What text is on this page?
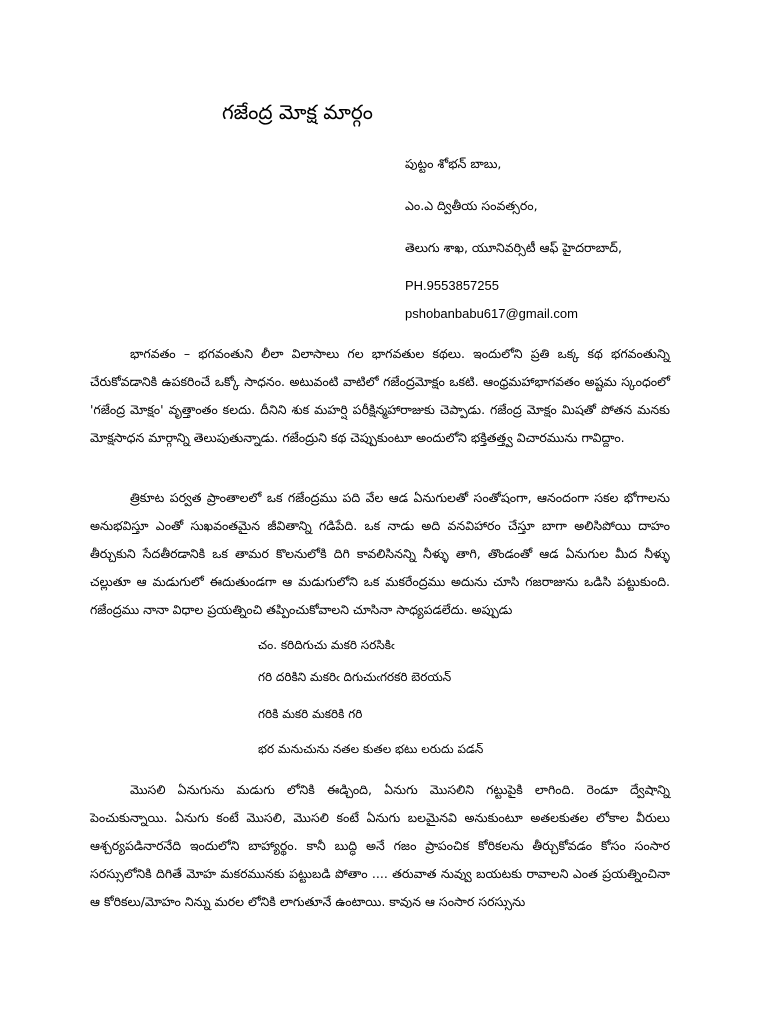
గజేంద్ర మోక్ష మార్గం
పుట్టం శోభన్ బాబు,
ఎం.ఎ ద్వితీయ సంవత్సరం,
తెలుగు శాఖ, యూనివర్సిటీ ఆఫ్ హైదరాబాద్,
PH.9553857255
pshobanbabu617@gmail.com

భాగవతం – భగవంతుని లీలా విలాసాలు గల భాగవతుల కథలు. ఇందులోని ప్రతి ఒక్క కథ భగవంతున్ని చేరుకోవడానికి ఉపకరించే ఒక్కో సాధనం. అటువంటి వాటిలో గజేంద్రమోక్షం ఒకటి. ఆంధ్రమహాభాగవతం అష్టమ స్కంధంలో 'గజేంద్ర మోక్షం' వృత్తాంతం కలదు. దీనిని శుక మహర్షి పరీక్షిన్మహారాజుకు చెప్పాడు. గజేంద్ర మోక్షం మిషతో పోతన మనకు మోక్షసాధన మార్గాన్ని తెలుపుతున్నాడు. గజేంద్రుని కథ చెప్పుకుంటూ అందులోని భక్తితత్త్వ విచారమును గావిద్దాం.

త్రికూట పర్వత ప్రాంతాలలో ఒక గజేంద్రము పది వేల ఆడ ఏనుగులతో సంతోషంగా, ఆనందంగా సకల భోగాలను అనుభవిస్తూ ఎంతో సుఖవంతమైన జీవితాన్ని గడిపేది. ఒక నాడు అది వనవిహారం చేస్తూ బాగా అలిసిపోయి దాహం తీర్చుకుని సేదతీరడానికి ఒక తామర కొలనులోకి దిగి కావలిసినన్ని నీళ్ళు తాగి, తొండంతో ఆడ ఏనుగుల మీద నీళ్ళు చల్లుతూ ఆ మడుగులో ఈదుతుండగా ఆ మడుగులోని ఒక మకరేంద్రము అదును చూసి గజరాజును ఒడిసి పట్టుకుంది. గజేంద్రము నానా విధాల ప్రయత్నించి తప్పించుకోవాలని చూసినా సాధ్యపడలేదు. అప్పుడు

చం. కరిదిగుచు మకరి సరసికిఁ
గరి దరికిని మకరిఁ దిగుచుఁగరకరి బెరయన్
గరికి మకరి మకరికి గరి
భర మనుచును నతల కుతల భటు లరుదు పడన్

మొసలి ఏనుగును మడుగు లోనికి ఈడ్చింది, ఏనుగు మొసలిని గట్టుపైకి లాగింది. రెండూ ద్వేషాన్ని పెంచుకున్నాయి. ఏనుగు కంటే మొసలి, మొసలి కంటే ఏనుగు బలమైనవి అనుకుంటూ అతలకుతల లోకాల వీరులు ఆశ్చర్యపడినారనేది ఇందులోని బాహ్యార్థం. కానీ బుద్ధి అనే గజం ప్రాపంచిక కోరికలను తీర్చుకోవడం కోసం సంసార సరస్సులోనికి దిగితే మోహ మకరమునకు పట్టుబడి పోతాం .... తరువాత నువ్వు బయటకు రావాలని ఎంత ప్రయత్నించినా ఆ కోరికలు/మోహం నిన్ను మరల లోనికి లాగుతూనే ఉంటాయి. కావున ఆ సంసార సరస్సును
